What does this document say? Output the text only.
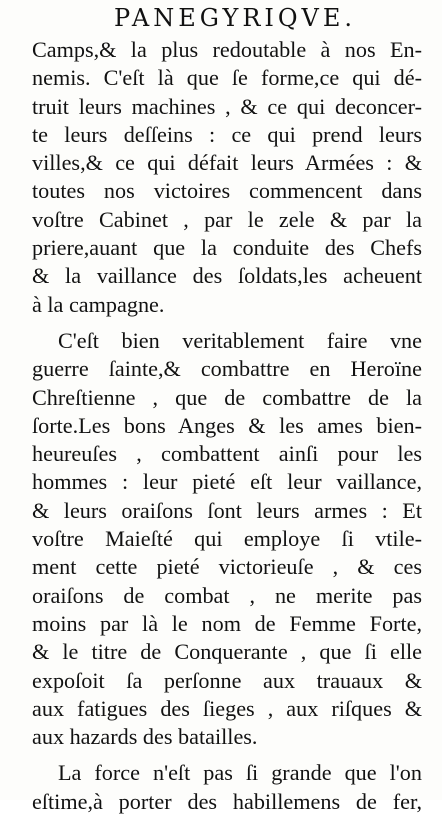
PANEGYRIQVE.
Camps,& la plus redoutable à nos En-
nemis. C'eſt là que ſe forme,ce qui dé-
truit leurs machines , & ce qui deconcer-
te leurs deſſeins : ce qui prend leurs
villes,& ce qui défait leurs Armées : &
toutes nos victoires commencent dans
voſtre Cabinet , par le zele & par la
priere,auant que la conduite des Chefs
& la vaillance des ſoldats,les acheuent
à la campagne.
C'eſt bien veritablement faire vne
guerre ſainte,& combattre en Heroïne
Chreſtienne , que de combattre de la
ſorte.Les bons Anges & les ames bien-
heureuſes , combattent ainſi pour les
hommes : leur pieté eſt leur vaillance,
& leurs oraiſons ſont leurs armes : Et
voſtre Maieſté qui employe ſi vtile-
ment cette pieté victorieuſe , & ces
oraiſons de combat , ne merite pas
moins par là le nom de Femme Forte,
& le titre de Conquerante , que ſi elle
expoſoit ſa perſonne aux trauaux &
aux fatigues des ſieges , aux riſques &
aux hazards des batailles.
La force n'eſt pas ſi grande que l'on
eſtime,à porter des habillemens de fer,
